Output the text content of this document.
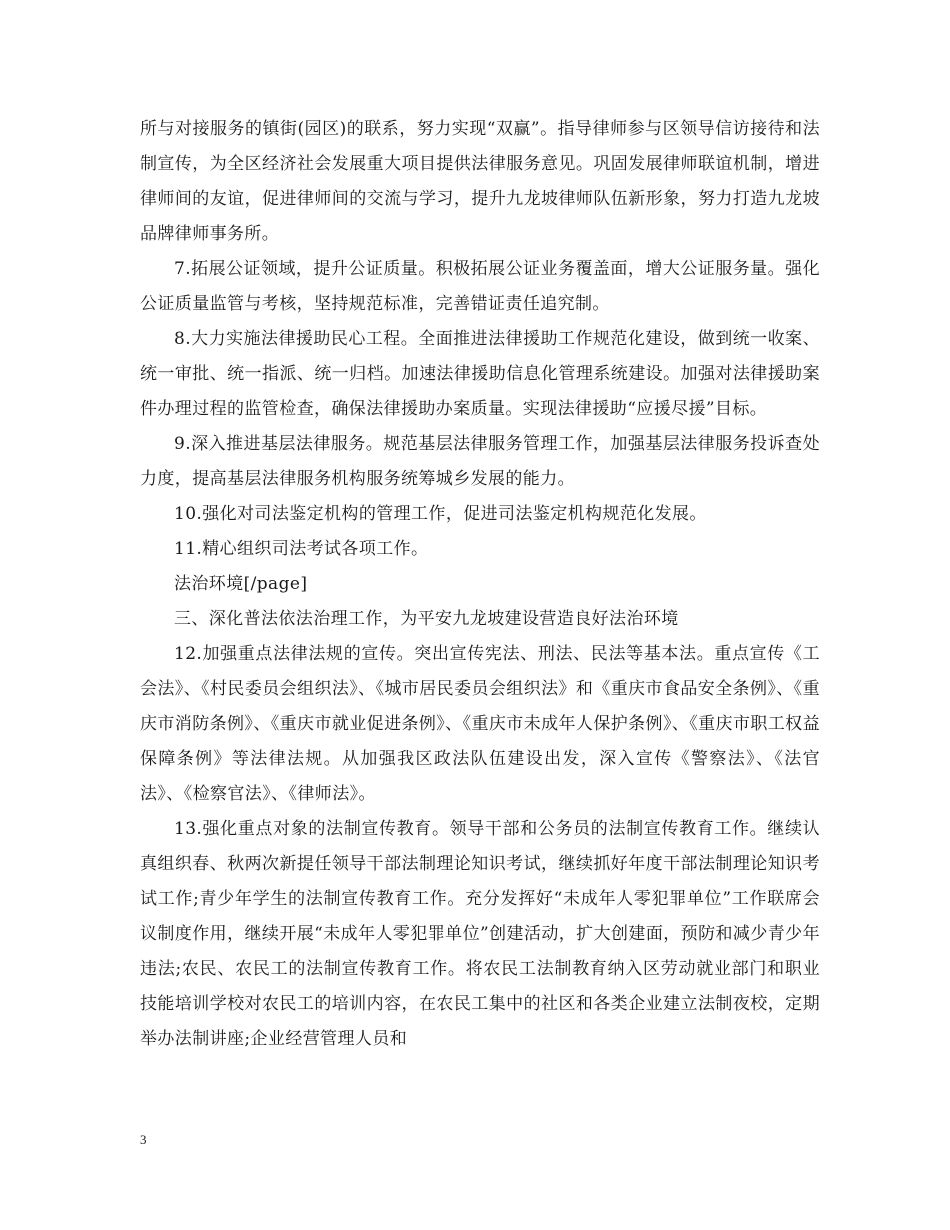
所与对接服务的镇街(园区)的联系，努力实现“双赢”。指导律师参与区领导信访接待和法制宣传，为全区经济社会发展重大项目提供法律服务意见。巩固发展律师联谊机制，增进律师间的友谊，促进律师间的交流与学习，提升九龙坡律师队伍新形象，努力打造九龙坡品牌律师事务所。

7.拓展公证领域，提升公证质量。积极拓展公证业务覆盖面，增大公证服务量。强化公证质量监管与考核，坚持规范标准，完善错证责任追究制。

8.大力实施法律援助民心工程。全面推进法律援助工作规范化建设，做到统一收案、统一审批、统一指派、统一归档。加速法律援助信息化管理系统建设。加强对法律援助案件办理过程的监管检查，确保法律援助办案质量。实现法律援助“应援尽援”目标。

9.深入推进基层法律服务。规范基层法律服务管理工作，加强基层法律服务投诉查处力度，提高基层法律服务机构服务统筹城乡发展的能力。

10.强化对司法鉴定机构的管理工作，促进司法鉴定机构规范化发展。

11.精心组织司法考试各项工作。

法治环境[/page]

三、深化普法依法治理工作，为平安九龙坡建设营造良好法治环境

12.加强重点法律法规的宣传。突出宣传宪法、刑法、民法等基本法。重点宣传《工会法》、《村民委员会组织法》、《城市居民委员会组织法》和《重庆市食品安全条例》、《重庆市消防条例》、《重庆市就业促进条例》、《重庆市未成年人保护条例》、《重庆市职工权益保障条例》等法律法规。从加强我区政法队伍建设出发，深入宣传《警察法》、《法官法》、《检察官法》、《律师法》。

13.强化重点对象的法制宣传教育。领导干部和公务员的法制宣传教育工作。继续认真组织春、秋两次新提任领导干部法制理论知识考试，继续抓好年度干部法制理论知识考试工作;青少年学生的法制宣传教育工作。充分发挥好“未成年人零犯罪单位”工作联席会议制度作用，继续开展“未成年人零犯罪单位”创建活动，扩大创建面，预防和减少青少年违法;农民、农民工的法制宣传教育工作。将农民工法制教育纳入区劳动就业部门和职业技能培训学校对农民工的培训内容，在农民工集中的社区和各类企业建立法制夜校，定期举办法制讲座;企业经营管理人员和

3
